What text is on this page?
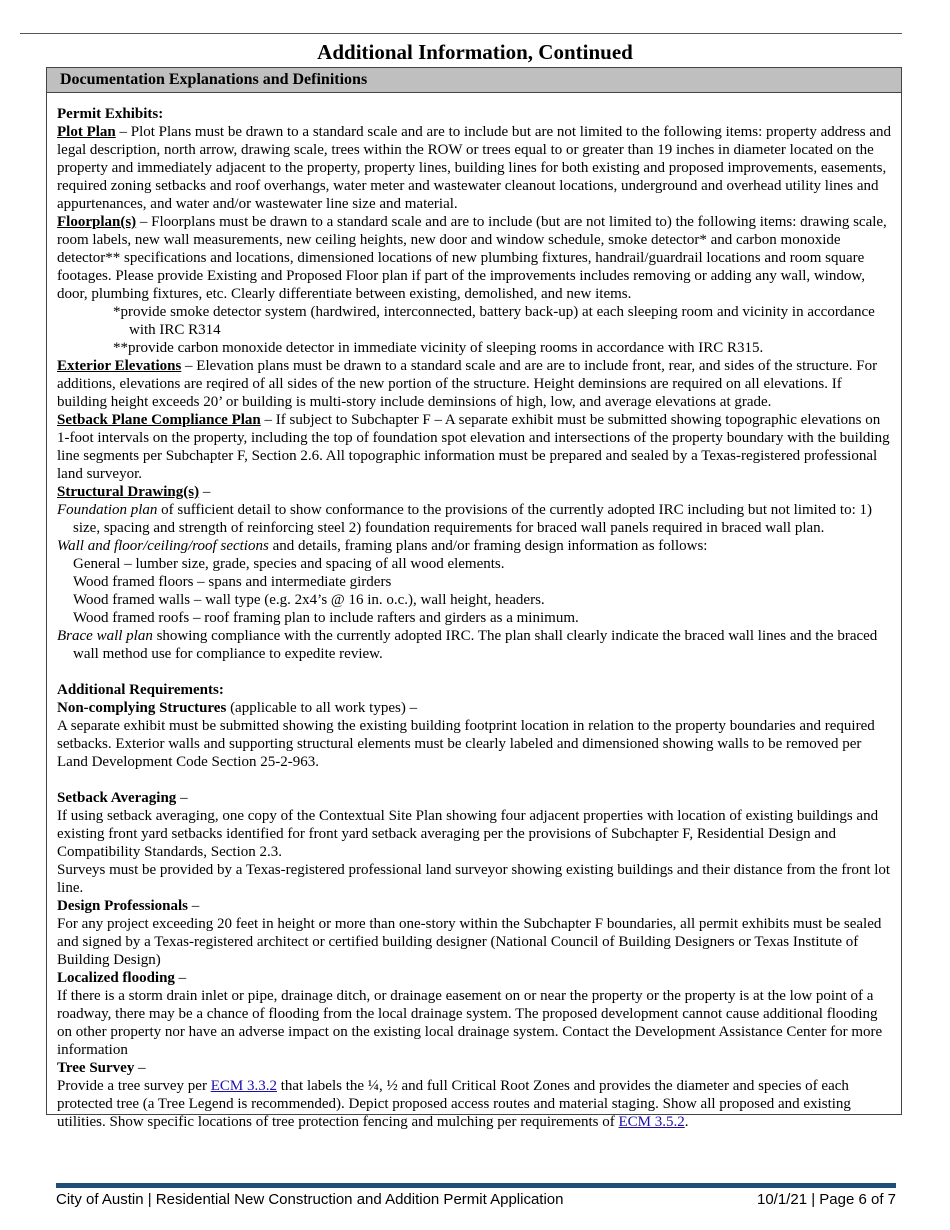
Additional Information, Continued
Documentation Explanations and Definitions

Permit Exhibits:

Plot Plan – Plot Plans must be drawn to a standard scale and are to include but are not limited to the following items: property address and legal description, north arrow, drawing scale, trees within the ROW or trees equal to or greater than 19 inches in diameter located on the property and immediately adjacent to the property, property lines, building lines for both existing and proposed improvements, easements, required zoning setbacks and roof overhangs, water meter and wastewater cleanout locations, underground and overhead utility lines and appurtenances, and water and/or wastewater line size and material.

Floorplan(s) – Floorplans must be drawn to a standard scale and are to include (but are not limited to) the following items: drawing scale, room labels, new wall measurements, new ceiling heights, new door and window schedule, smoke detector* and carbon monoxide detector** specifications and locations, dimensioned locations of new plumbing fixtures, handrail/guardrail locations and room square footages. Please provide Existing and Proposed Floor plan if part of the improvements includes removing or adding any wall, window, door, plumbing fixtures, etc. Clearly differentiate between existing, demolished, and new items.

*provide smoke detector system (hardwired, interconnected, battery back-up) at each sleeping room and vicinity in accordance with IRC R314

**provide carbon monoxide detector in immediate vicinity of sleeping rooms in accordance with IRC R315.

Exterior Elevations – Elevation plans must be drawn to a standard scale and are are to include front, rear, and sides of the structure. For additions, elevations are reqired of all sides of the new portion of the structure. Height deminsions are required on all elevations. If building height exceeds 20’ or building is multi-story include deminsions of high, low, and average elevations at grade.

Setback Plane Compliance Plan – If subject to Subchapter F – A separate exhibit must be submitted showing topographic elevations on 1-foot intervals on the property, including the top of foundation spot elevation and intersections of the property boundary with the building line segments per Subchapter F, Section 2.6. All topographic information must be prepared and sealed by a Texas-registered professional land surveyor.

Structural Drawing(s) –

Foundation plan of sufficient detail to show conformance to the provisions of the currently adopted IRC including but not limited to: 1) size, spacing and strength of reinforcing steel 2) foundation requirements for braced wall panels required in braced wall plan.

Wall and floor/ceiling/roof sections and details, framing plans and/or framing design information as follows:

General – lumber size, grade, species and spacing of all wood elements.

Wood framed floors – spans and intermediate girders

Wood framed walls – wall type (e.g. 2x4’s @ 16 in. o.c.), wall height, headers.

Wood framed roofs – roof framing plan to include rafters and girders as a minimum.

Brace wall plan showing compliance with the currently adopted IRC. The plan shall clearly indicate the braced wall lines and the braced wall method use for compliance to expedite review.

Additional Requirements:

Non-complying Structures (applicable to all work types) –

A separate exhibit must be submitted showing the existing building footprint location in relation to the property boundaries and required setbacks. Exterior walls and supporting structural elements must be clearly labeled and dimensioned showing walls to be removed per Land Development Code Section 25-2-963.

Setback Averaging –

If using setback averaging, one copy of the Contextual Site Plan showing four adjacent properties with location of existing buildings and existing front yard setbacks identified for front yard setback averaging per the provisions of Subchapter F, Residential Design and Compatibility Standards, Section 2.3.

Surveys must be provided by a Texas-registered professional land surveyor showing existing buildings and their distance from the front lot line.

Design Professionals –

For any project exceeding 20 feet in height or more than one-story within the Subchapter F boundaries, all permit exhibits must be sealed and signed by a Texas-registered architect or certified building designer (National Council of Building Designers or Texas Institute of Building Design)

Localized flooding –

If there is a storm drain inlet or pipe, drainage ditch, or drainage easement on or near the property or the property is at the low point of a roadway, there may be a chance of flooding from the local drainage system. The proposed development cannot cause additional flooding on other property nor have an adverse impact on the existing local drainage system. Contact the Development Assistance Center for more information

Tree Survey –

Provide a tree survey per ECM 3.3.2 that labels the ¼, ½ and full Critical Root Zones and provides the diameter and species of each protected tree (a Tree Legend is recommended). Depict proposed access routes and material staging. Show all proposed and existing utilities. Show specific locations of tree protection fencing and mulching per requirements of ECM 3.5.2.

City of Austin | Residential New Construction and Addition Permit Application	10/1/21 | Page 6 of 7
